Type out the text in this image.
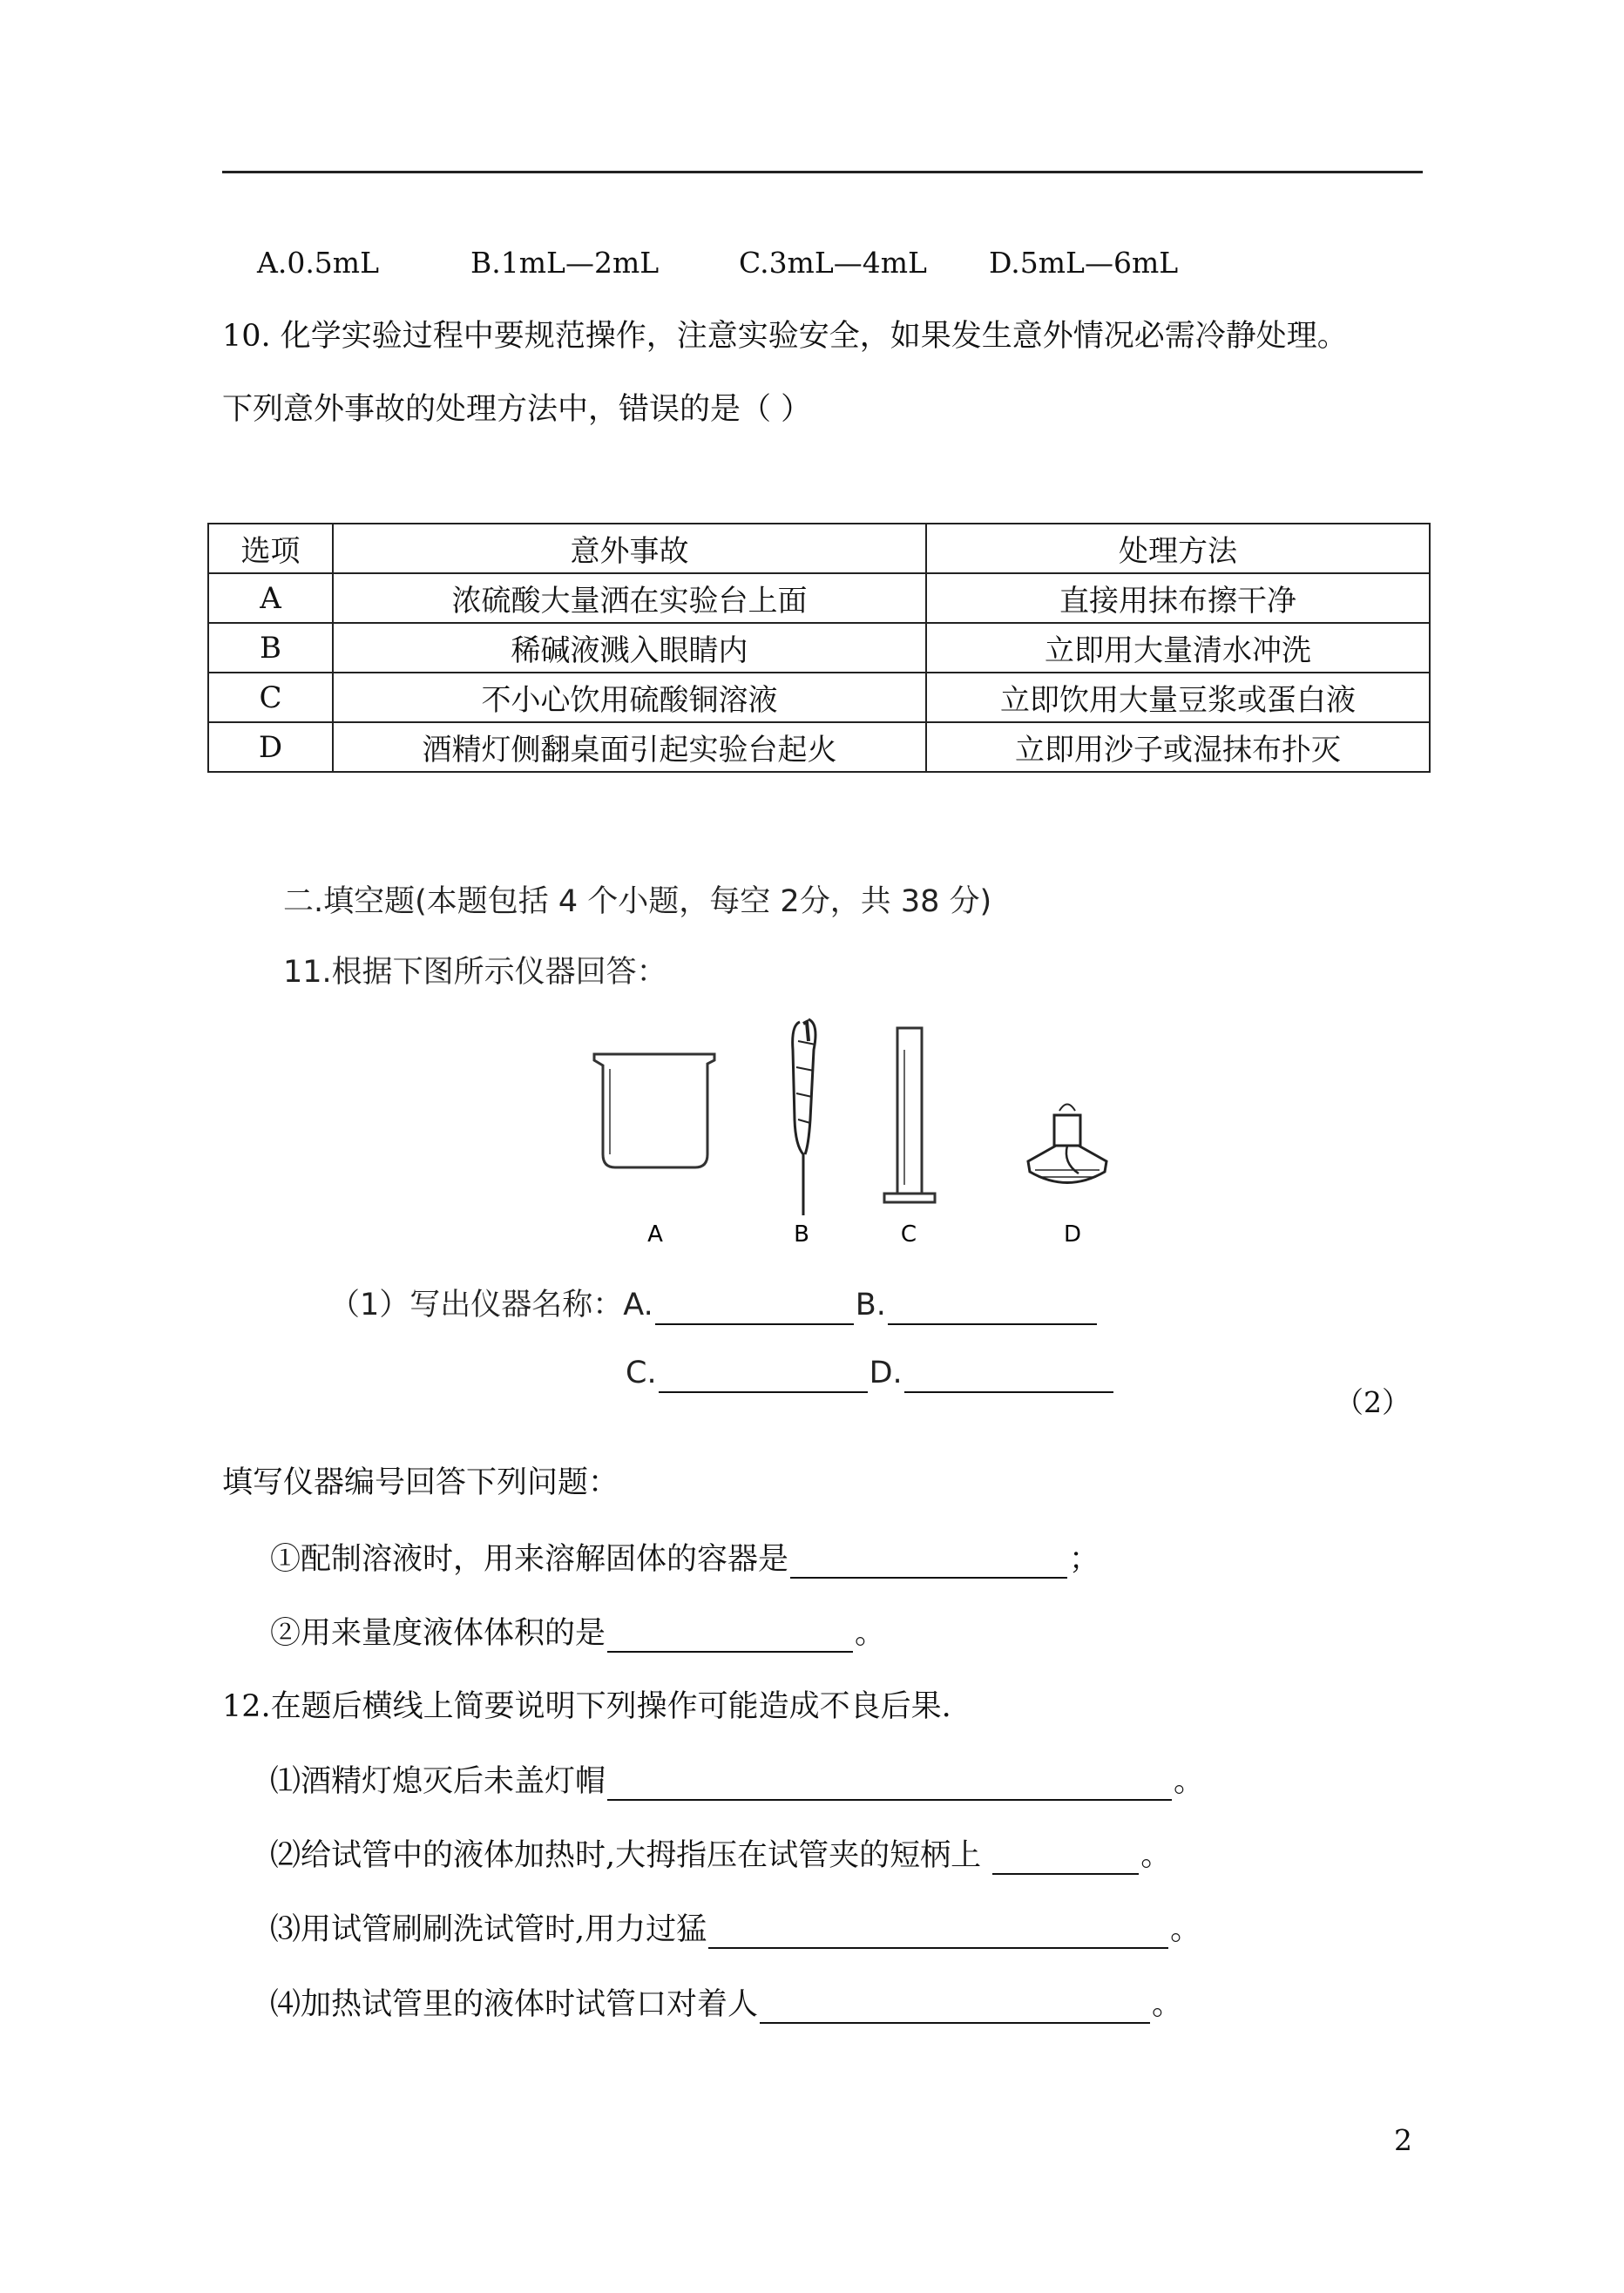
A.0.5mL	B.1mL—2mL	C.3mL—4mL D.5mL—6mL
10. 化学实验过程中要规范操作，注意实验安全，如果发生意外情况必需冷静处理。
下列意外事故的处理方法中，错误的是（ ）
选项	意外事故	处理方法
A	浓硫酸大量洒在实验台上面	直接用抹布擦干净
B	稀碱液溅入眼睛内	立即用大量清水冲洗
C	不小心饮用硫酸铜溶液	立即饮用大量豆浆或蛋白液
D	酒精灯侧翻桌面引起实验台起火	立即用沙子或湿抹布扑灭
二.填空题(本题包括 4 个小题，每空 2分，共 38 分)
11.根据下图所示仪器回答：
A	B	C	D
（1）写出仪器名称：A.	B.
C.	D.
（2）
填写仪器编号回答下列问题：
①配制溶液时，用来溶解固体的容器是	；
②用来量度液体体积的是	。
12.在题后横线上简要说明下列操作可能造成不良后果.
⑴酒精灯熄灭后未盖灯帽	。
⑵给试管中的液体加热时,大拇指压在试管夹的短柄上	。
⑶用试管刷刷洗试管时,用力过猛	。
⑷加热试管里的液体时试管口对着人	。
2
